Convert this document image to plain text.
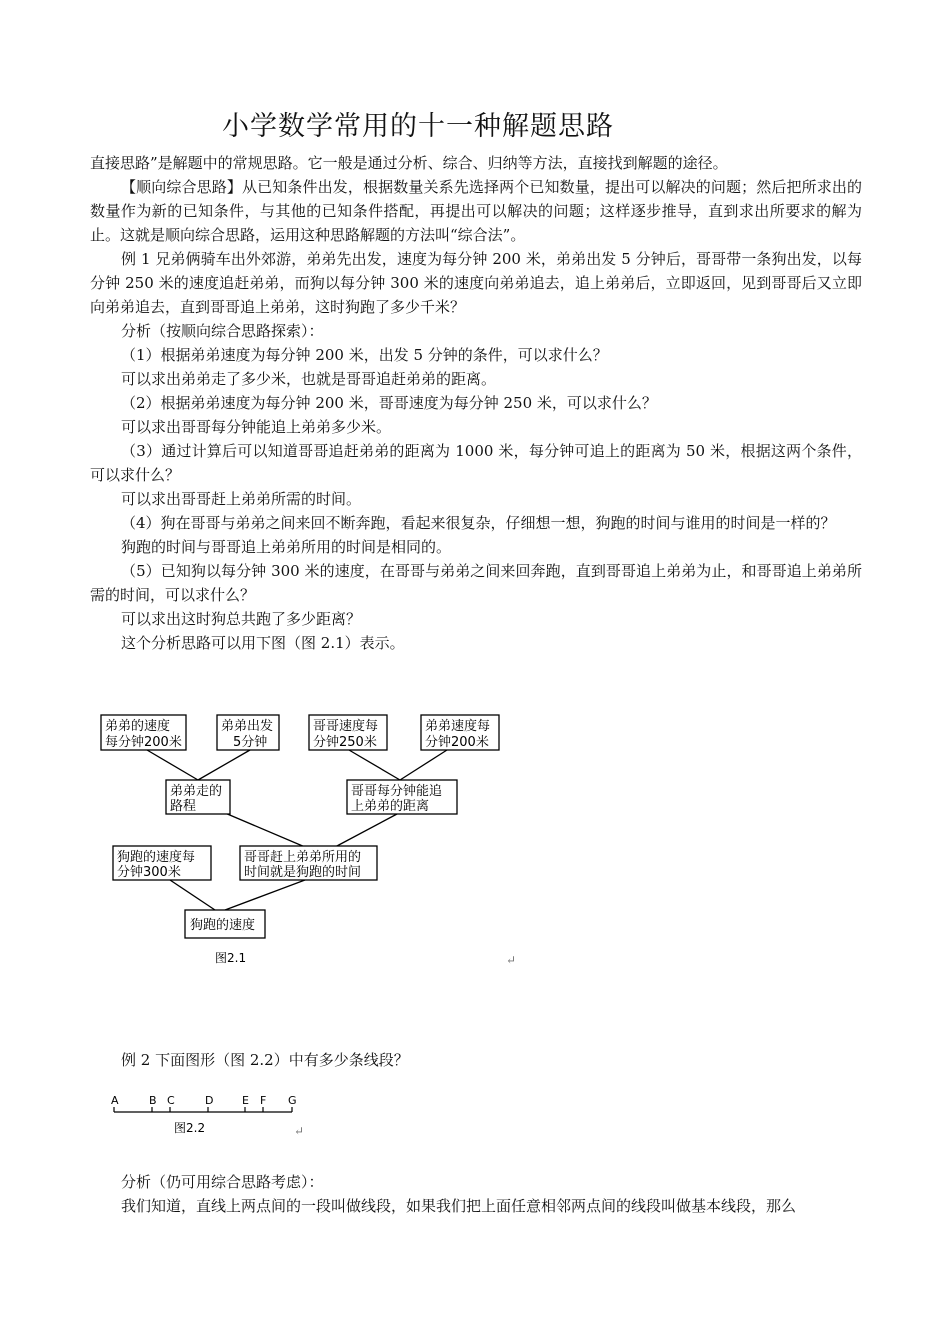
小学数学常用的十一种解题思路

直接思路”是解题中的常规思路。它一般是通过分析、综合、归纳等方法，直接找到解题的途径。

【顺向综合思路】从已知条件出发，根据数量关系先选择两个已知数量，提出可以解决的问题；然后把所求出的数量作为新的已知条件，与其他的已知条件搭配，再提出可以解决的问题；这样逐步推导，直到求出所要求的解为止。这就是顺向综合思路，运用这种思路解题的方法叫“综合法”。

例 1 兄弟俩骑车出外郊游，弟弟先出发，速度为每分钟 200 米，弟弟出发 5 分钟后，哥哥带一条狗出发，以每分钟 250 米的速度追赶弟弟，而狗以每分钟 300 米的速度向弟弟追去，追上弟弟后，立即返回，见到哥哥后又立即向弟弟追去，直到哥哥追上弟弟，这时狗跑了多少千米？

分析（按顺向综合思路探索）：

（1）根据弟弟速度为每分钟 200 米，出发 5 分钟的条件，可以求什么？

可以求出弟弟走了多少米，也就是哥哥追赶弟弟的距离。

（2）根据弟弟速度为每分钟 200 米，哥哥速度为每分钟 250 米，可以求什么？

可以求出哥哥每分钟能追上弟弟多少米。

（3）通过计算后可以知道哥哥追赶弟弟的距离为 1000 米，每分钟可追上的距离为 50 米，根据这两个条件，可以求什么？

可以求出哥哥赶上弟弟所需的时间。

（4）狗在哥哥与弟弟之间来回不断奔跑，看起来很复杂，仔细想一想，狗跑的时间与谁用的时间是一样的？

狗跑的时间与哥哥追上弟弟所用的时间是相同的。

（5）已知狗以每分钟 300 米的速度，在哥哥与弟弟之间来回奔跑，直到哥哥追上弟弟为止，和哥哥追上弟弟所需的时间，可以求什么？

可以求出这时狗总共跑了多少距离？

这个分析思路可以用下图（图 2.1）表示。

弟弟的速度
每分钟200米
弟弟出发
5分钟
哥哥速度每
分钟250米
弟弟速度每
分钟200米
弟弟走的
路程
哥哥每分钟能追
上弟弟的距离
狗跑的速度每
分钟300米
哥哥赶上弟弟所用的
时间就是狗跑的时间
狗跑的速度
图2.1	↵

例 2 下面图形（图 2.2）中有多少条线段？

A	B C	D	E F G
图2.2	↵

分析（仍可用综合思路考虑）：

我们知道，直线上两点间的一段叫做线段，如果我们把上面任意相邻两点间的线段叫做基本线段，那么
